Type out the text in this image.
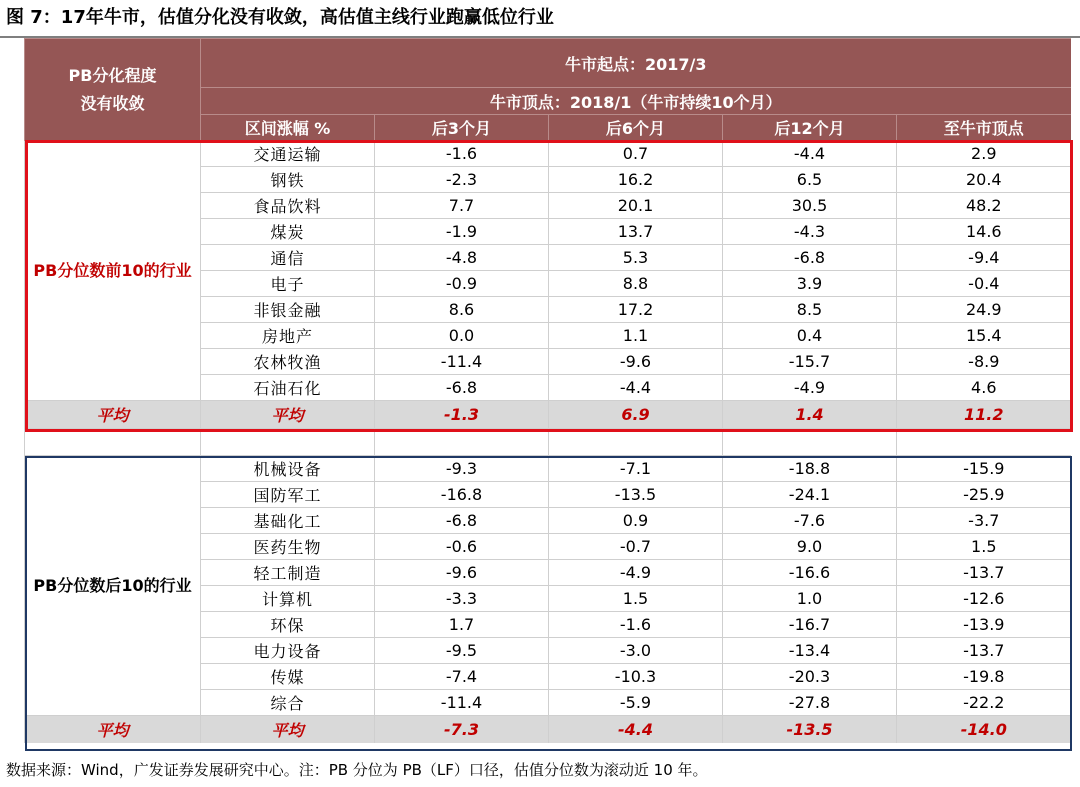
图 7：17年牛市，估值分化没有收敛，高估值主线行业跑赢低位行业
PB分化程度
没有收敛	牛市起点：2017/3				
	牛市顶点：2018/1（牛市持续10个月）				
	区间涨幅 %	后3个月	后6个月	后12个月	至牛市顶点
PB分位数前10的行业	交通运输	-1.6	0.7	-4.4	2.9
	钢铁	-2.3	16.2	6.5	20.4
	食品饮料	7.7	20.1	30.5	48.2
	煤炭	-1.9	13.7	-4.3	14.6
	通信	-4.8	5.3	-6.8	-9.4
	电子	-0.9	8.8	3.9	-0.4
	非银金融	8.6	17.2	8.5	24.9
	房地产	0.0	1.1	0.4	15.4
	农林牧渔	-11.4	-9.6	-15.7	-8.9
	石油石化	-6.8	-4.4	-4.9	4.6
平均	平均	-1.3	6.9	1.4	11.2

PB分位数后10的行业	机械设备	-9.3	-7.1	-18.8	-15.9
	国防军工	-16.8	-13.5	-24.1	-25.9
	基础化工	-6.8	0.9	-7.6	-3.7
	医药生物	-0.6	-0.7	9.0	1.5
	轻工制造	-9.6	-4.9	-16.6	-13.7
	计算机	-3.3	1.5	1.0	-12.6
	环保	1.7	-1.6	-16.7	-13.9
	电力设备	-9.5	-3.0	-13.4	-13.7
	传媒	-7.4	-10.3	-20.3	-19.8
	综合	-11.4	-5.9	-27.8	-22.2
平均	平均	-7.3	-4.4	-13.5	-14.0
数据来源：Wind，广发证券发展研究中心。注：PB 分位为 PB（LF）口径，估值分位数为滚动近 10 年。
